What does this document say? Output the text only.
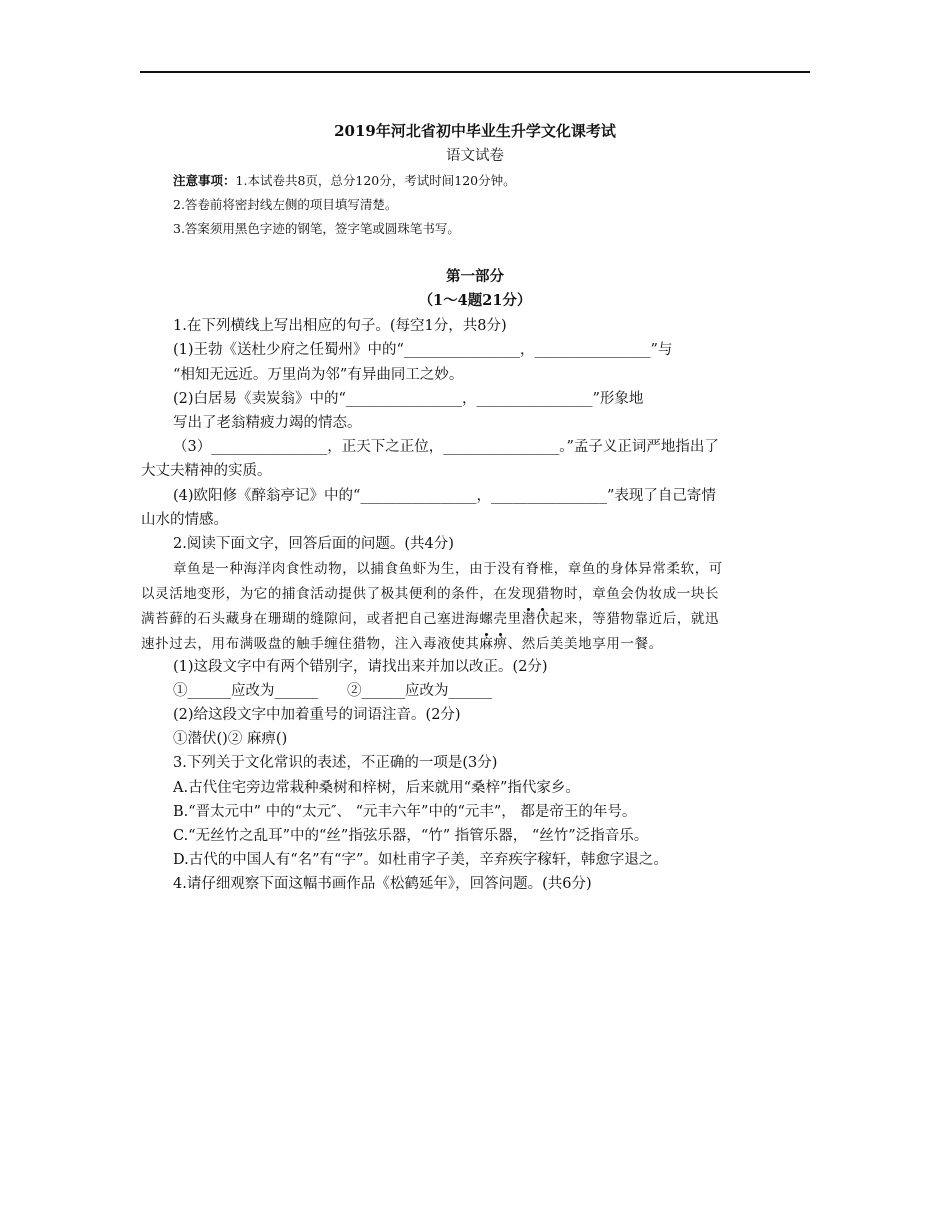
2019年河北省初中毕业生升学文化课考试
语文试卷
注意事项：1.本试卷共8页，总分120分，考试时间120分钟。
2.答卷前将密封线左侧的项目填写清楚。
3.答案须用黑色字迹的钢笔，签字笔或圆珠笔书写。
第一部分
（1～4题21分）
1.在下列横线上写出相应的句子。(每空1分，共8分)
(1)王勃《送杜少府之任蜀州》中的“________________，________________”与
“相知无远近。万里尚为邻”有异曲同工之妙。
(2)白居易《卖炭翁》中的“________________，________________”形象地
写出了老翁精疲力竭的情态。
（3）________________，正天下之正位，________________。”孟子义正词严地指出了
大丈夫精神的实质。
(4)欧阳修《醉翁亭记》中的“________________，________________”表现了自己寄情
山水的情感。
2.阅读下面文字，回答后面的问题。(共4分)
章鱼是一种海洋肉食性动物，以捕食鱼虾为生，由于没有脊椎，章鱼的身体异常柔软，可
以灵活地变形，为它的捕食活动提供了极其便利的条件，在发现猎物时，章鱼会伪妆成一块长
满苔藓的石头藏身在珊瑚的缝隙问，或者把自己塞进海螺壳里潜伏起来，等猎物靠近后，就迅
速扑过去，用布满吸盘的触手缠住猎物，注入毒液使其麻痹、然后美美地享用一餐。
(1)这段文字中有两个错别字，请找出来并加以改正。(2分)
①______应改为______　　②______应改为______
(2)给这段文字中加着重号的词语注音。(2分)
①潜伏()② 麻痹()
3.下列关于文化常识的表述，不正确的一项是(3分)
A.古代住宅旁边常栽种桑树和梓树，后来就用“桑梓”指代家乡。
B.“晋太元中” 中的“太元″、 “元丰六年”中的“元丰”， 都是帝王的年号。
C.“无丝竹之乱耳”中的“丝”指弦乐器，“竹” 指管乐器， “丝竹”泛指音乐。
D.古代的中国人有“名”有“字”。如杜甫字子美，辛弃疾字稼轩，韩愈字退之。
4.请仔细观察下面这幅书画作品《松鹤延年》，回答问题。(共6分)
